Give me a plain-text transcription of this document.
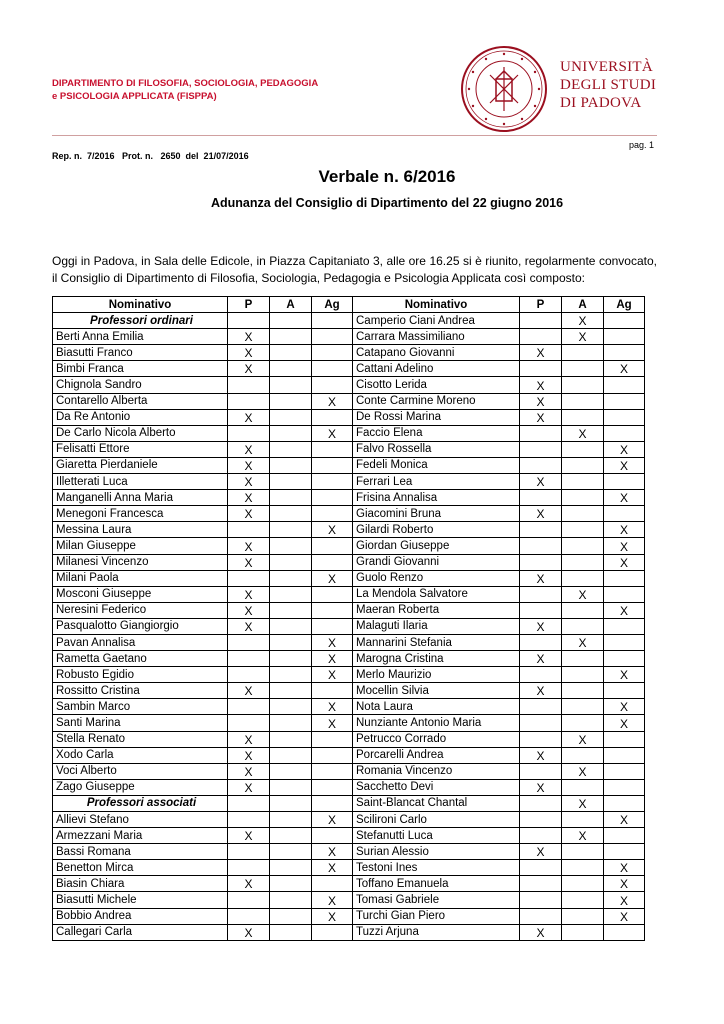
DIPARTIMENTO DI FILOSOFIA, SOCIOLOGIA, PEDAGOGIA
e PSICOLOGIA APPLICATA (FISPPA)
UNIVERSITÀ
DEGLI STUDI
DI PADOVA
pag. 1
Rep. n.  7/2016   Prot. n.   2650  del  21/07/2016
Verbale n. 6/2016
Adunanza del Consiglio di Dipartimento del 22 giugno 2016
Oggi in Padova, in Sala delle Edicole, in Piazza Capitaniato 3, alle ore 16.25 si è riunito, regolarmente convocato, il Consiglio di Dipartimento di Filosofia, Sociologia, Pedagogia e Psicologia Applicata così composto:
Nominativo	P	A	Ag	Nominativo	P	A	Ag
Professori ordinari				Camperio Ciani Andrea		X	
Berti Anna Emilia	X			Carrara Massimiliano		X	
Biasutti Franco	X			Catapano Giovanni	X		
Bimbi Franca	X			Cattani Adelino			X
Chignola Sandro				Cisotto Lerida	X		
Contarello Alberta			X	Conte Carmine Moreno	X		
Da Re Antonio	X			De Rossi Marina	X		
De Carlo Nicola Alberto			X	Faccio Elena		X	
Felisatti Ettore	X			Falvo Rossella			X
Giaretta Pierdaniele	X			Fedeli Monica			X
Illetterati Luca	X			Ferrari Lea	X		
Manganelli Anna Maria	X			Frisina Annalisa			X
Menegoni Francesca	X			Giacomini Bruna	X		
Messina Laura			X	Gilardi Roberto			X
Milan Giuseppe	X			Giordan Giuseppe			X
Milanesi Vincenzo	X			Grandi Giovanni			X
Milani Paola			X	Guolo Renzo	X		
Mosconi Giuseppe	X			La Mendola Salvatore		X	
Neresini Federico	X			Maeran Roberta			X
Pasqualotto Giangiorgio	X			Malaguti Ilaria	X		
Pavan Annalisa			X	Mannarini Stefania		X	
Rametta Gaetano			X	Marogna Cristina	X		
Robusto Egidio			X	Merlo Maurizio			X
Rossitto Cristina	X			Mocellin Silvia	X		
Sambin Marco			X	Nota Laura			X
Santi Marina			X	Nunziante Antonio Maria			X
Stella Renato	X			Petrucco Corrado		X	
Xodo Carla	X			Porcarelli Andrea	X		
Voci Alberto	X			Romania Vincenzo		X	
Zago Giuseppe	X			Sacchetto Devi	X		
Professori associati				Saint-Blancat Chantal		X	
Allievi Stefano			X	Scilironi Carlo			X
Armezzani Maria	X			Stefanutti Luca		X	
Bassi Romana			X	Surian Alessio	X		
Benetton Mirca			X	Testoni Ines			X
Biasin Chiara	X			Toffano Emanuela			X
Biasutti Michele			X	Tomasi Gabriele			X
Bobbio Andrea			X	Turchi Gian Piero			X
Callegari Carla	X			Tuzzi Arjuna	X		
